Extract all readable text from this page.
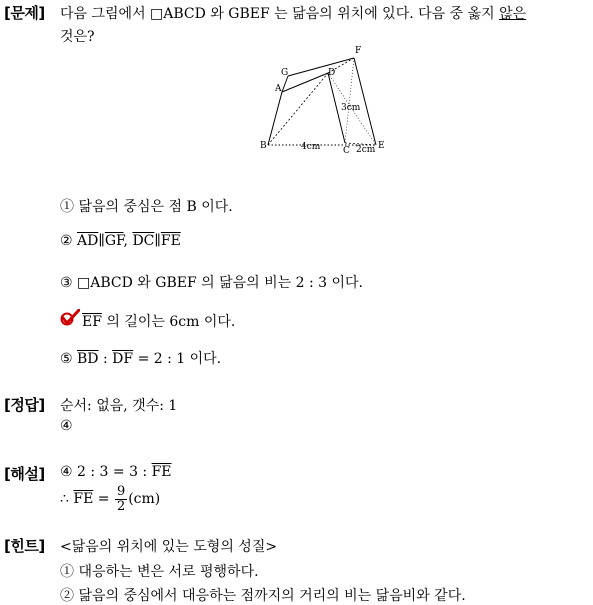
[문제] 다음 그림에서 □ABCD 와 GBEF 는 닮음의 위치에 있다. 다음 중 옳지 않은
것은?
F
G	D
A
B	C	E
3cm
4cm	2cm
① 닮음의 중심은 점 B 이다.
② $\overline{AD}\parallel\overline{GF}$, $\overline{DC}\parallel\overline{FE}$
③ □ABCD 와 GBEF 의 닮음의 비는 2 : 3 이다.
$\overline{EF}$ 의 길이는 6cm 이다.
⑤ $\overline{BD}$ : $\overline{DF} = 2$ : 1 이다.
[정답] 순서: 없음, 갯수: 1
④
[해설] ④ 2 : 3 = 3 : $\overline{FE}$
∴ $\overline{FE} = \frac{9}{2} (cm)$
[힌트] <닮음의 위치에 있는 도형의 성질>
① 대응하는 변은 서로 평행하다.
② 닮음의 중심에서 대응하는 점까지의 거리의 비는 닮음비와 같다.
